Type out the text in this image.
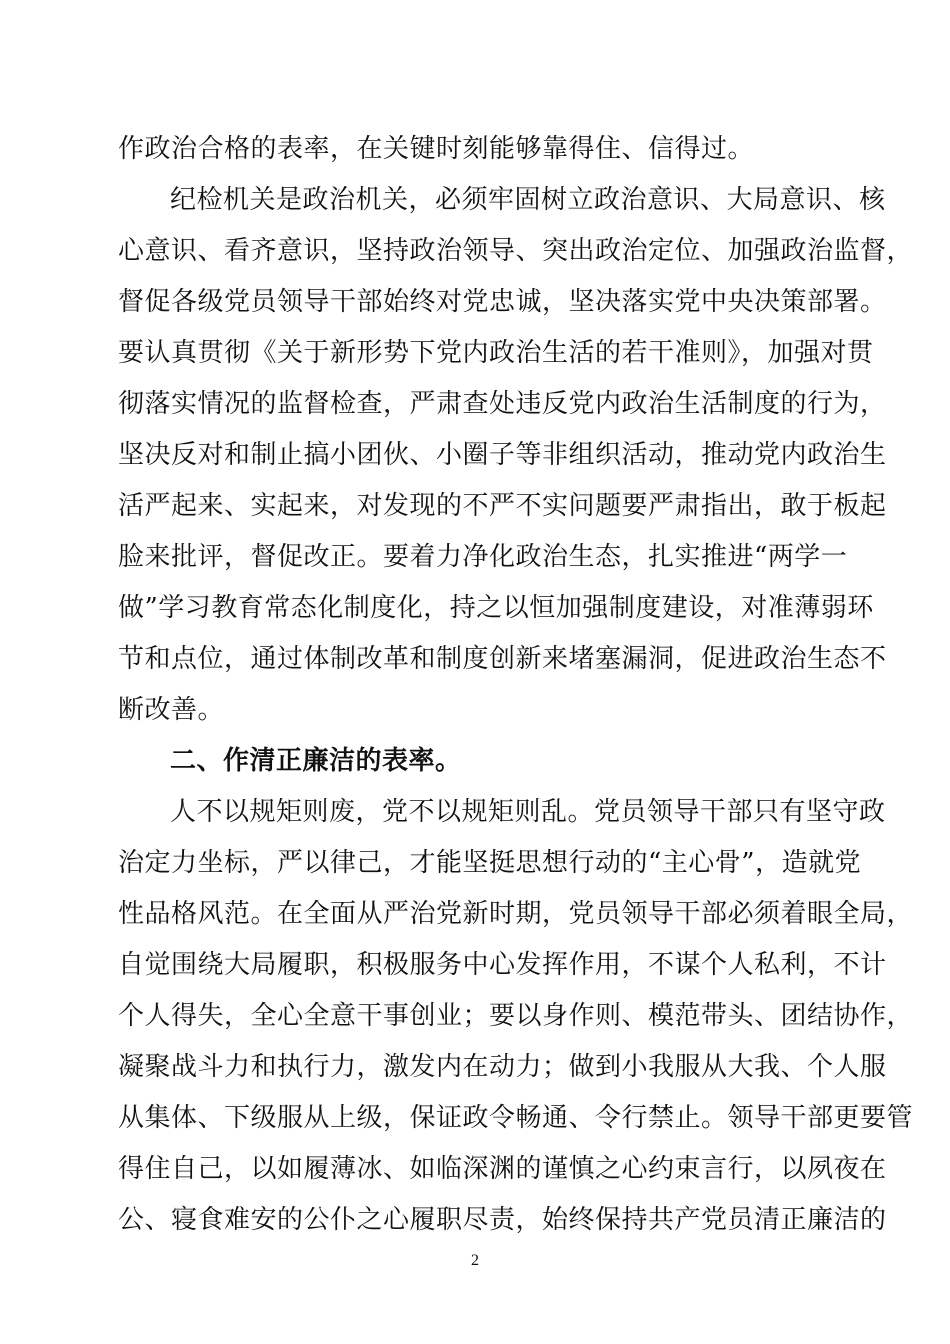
作政治合格的表率，在关键时刻能够靠得住、信得过。
纪检机关是政治机关，必须牢固树立政治意识、大局意识、核
心意识、看齐意识，坚持政治领导、突出政治定位、加强政治监督，
督促各级党员领导干部始终对党忠诚，坚决落实党中央决策部署。
要认真贯彻《关于新形势下党内政治生活的若干准则》，加强对贯
彻落实情况的监督检查，严肃查处违反党内政治生活制度的行为，
坚决反对和制止搞小团伙、小圈子等非组织活动，推动党内政治生
活严起来、实起来，对发现的不严不实问题要严肃指出，敢于板起
脸来批评，督促改正。要着力净化政治生态，扎实推进“两学一
做”学习教育常态化制度化，持之以恒加强制度建设，对准薄弱环
节和点位，通过体制改革和制度创新来堵塞漏洞，促进政治生态不
断改善。
二、作清正廉洁的表率。
人不以规矩则废，党不以规矩则乱。党员领导干部只有坚守政
治定力坐标，严以律己，才能坚挺思想行动的“主心骨”，造就党
性品格风范。在全面从严治党新时期，党员领导干部必须着眼全局，
自觉围绕大局履职，积极服务中心发挥作用，不谋个人私利，不计
个人得失，全心全意干事创业；要以身作则、模范带头、团结协作，
凝聚战斗力和执行力，激发内在动力；做到小我服从大我、个人服
从集体、下级服从上级，保证政令畅通、令行禁止。领导干部更要管
得住自己，以如履薄冰、如临深渊的谨慎之心约束言行，以夙夜在
公、寝食难安的公仆之心履职尽责，始终保持共产党员清正廉洁的
2
